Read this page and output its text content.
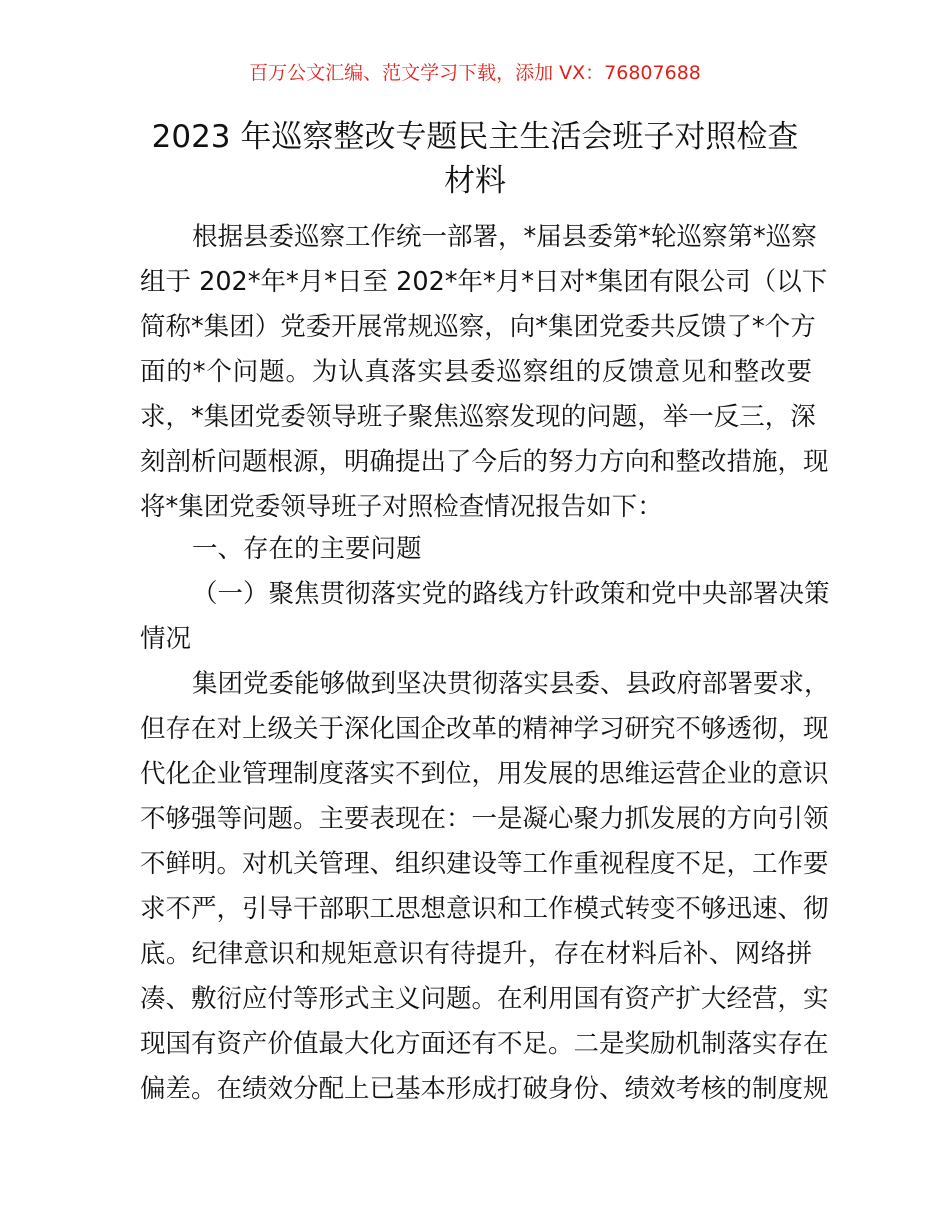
百万公文汇编、范文学习下载，添加 VX：76807688
2023 年巡察整改专题民主生活会班子对照检查
材料
根据县委巡察工作统一部署，*届县委第*轮巡察第*巡察
组于 202*年*月*日至 202*年*月*日对*集团有限公司（以下
简称*集团）党委开展常规巡察，向*集团党委共反馈了*个方
面的*个问题。为认真落实县委巡察组的反馈意见和整改要
求，*集团党委领导班子聚焦巡察发现的问题，举一反三，深
刻剖析问题根源，明确提出了今后的努力方向和整改措施，现
将*集团党委领导班子对照检查情况报告如下：
一、存在的主要问题
（一）聚焦贯彻落实党的路线方针政策和党中央部署决策
情况
集团党委能够做到坚决贯彻落实县委、县政府部署要求，
但存在对上级关于深化国企改革的精神学习研究不够透彻，现
代化企业管理制度落实不到位，用发展的思维运营企业的意识
不够强等问题。主要表现在：一是凝心聚力抓发展的方向引领
不鲜明。对机关管理、组织建设等工作重视程度不足，工作要
求不严，引导干部职工思想意识和工作模式转变不够迅速、彻
底。纪律意识和规矩意识有待提升，存在材料后补、网络拼
凑、敷衍应付等形式主义问题。在利用国有资产扩大经营，实
现国有资产价值最大化方面还有不足。二是奖励机制落实存在
偏差。在绩效分配上已基本形成打破身份、绩效考核的制度规
